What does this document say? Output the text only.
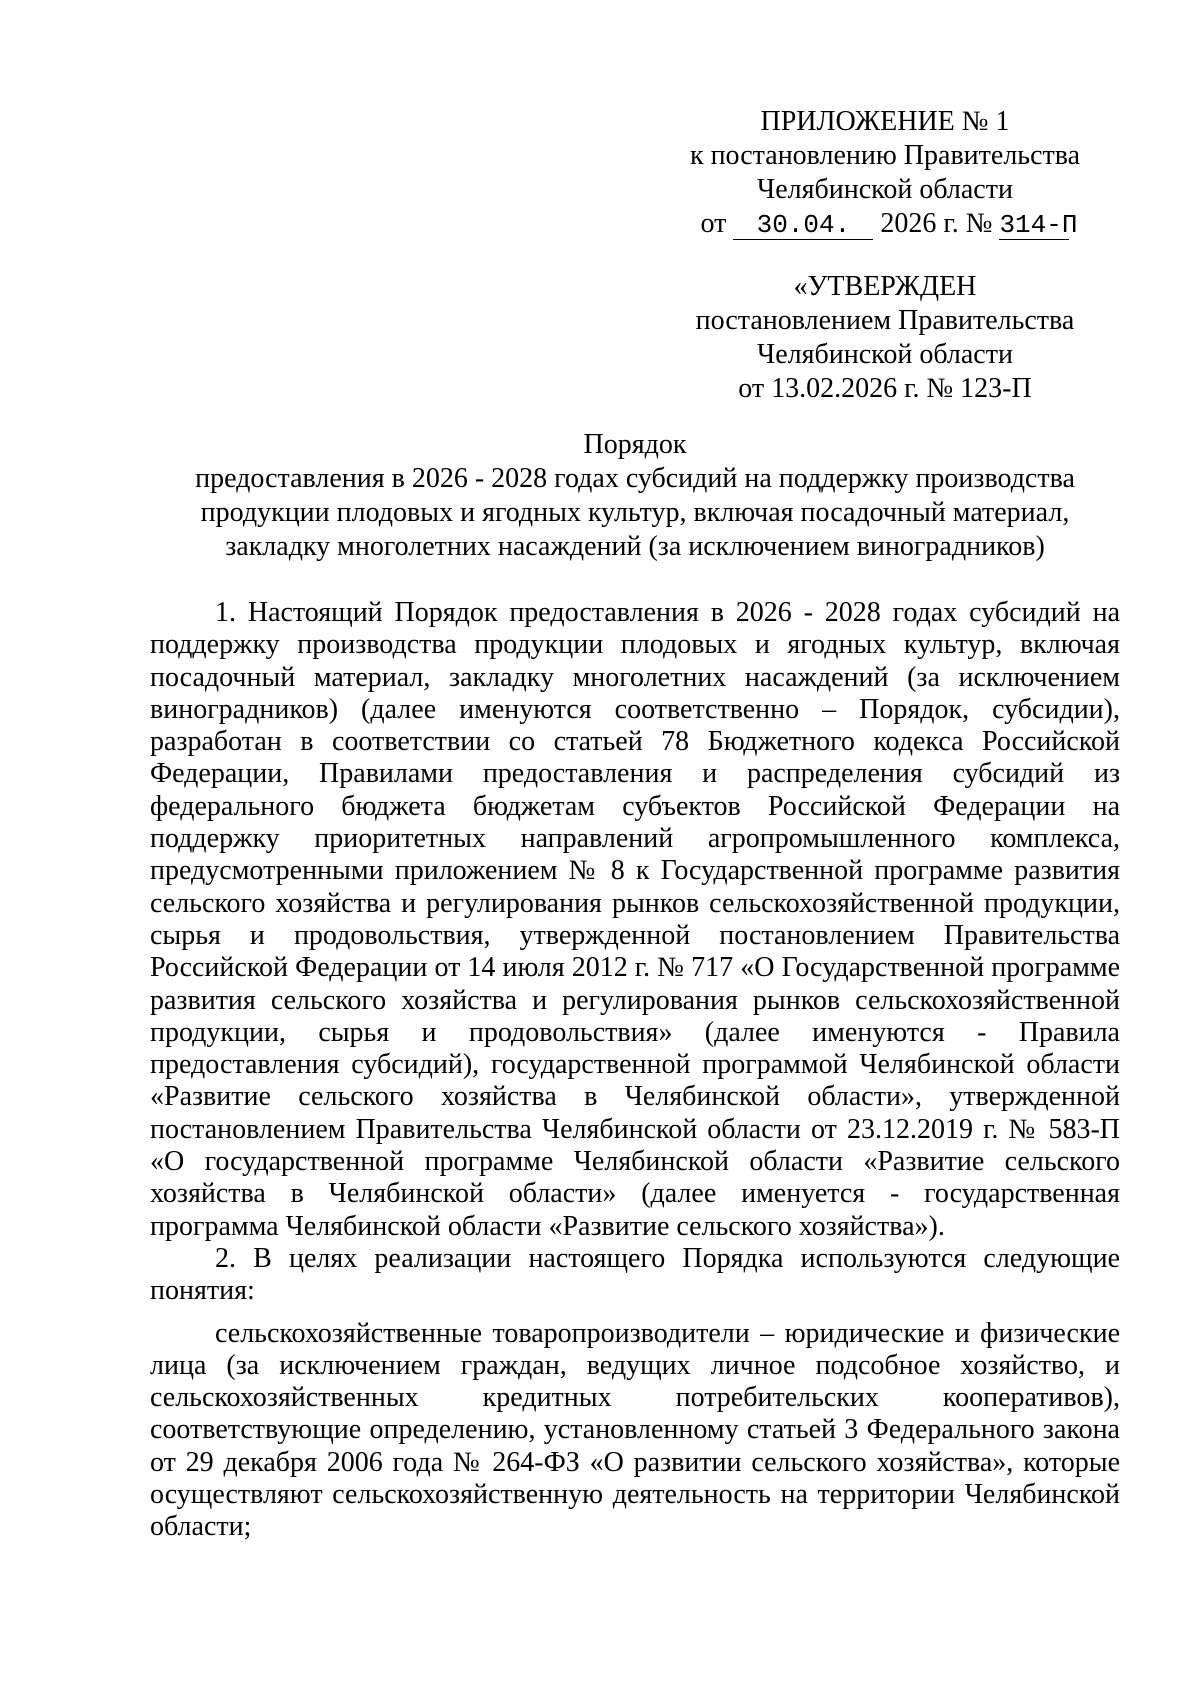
ПРИЛОЖЕНИЕ № 1
к постановлению Правительства
Челябинской области
от 30.04. 2026 г. № 314-П
«УТВЕРЖДЕН
постановлением Правительства
Челябинской области
от 13.02.2026 г. № 123-П
Порядок
предоставления в 2026 - 2028 годах субсидий на поддержку производства
продукции плодовых и ягодных культур, включая посадочный материал,
закладку многолетних насаждений (за исключением виноградников)

1. Настоящий Порядок предоставления в 2026 - 2028 годах субсидий на поддержку производства продукции плодовых и ягодных культур, включая посадочный материал, закладку многолетних насаждений (за исключением виноградников) (далее именуются соответственно – Порядок, субсидии), разработан в соответствии со статьей 78 Бюджетного кодекса Российской Федерации, Правилами предоставления и распределения субсидий из федерального бюджета бюджетам субъектов Российской Федерации на поддержку приоритетных направлений агропромышленного комплекса, предусмотренными приложением № 8 к Государственной программе развития сельского хозяйства и регулирования рынков сельскохозяйственной продукции, сырья и продовольствия, утвержденной постановлением Правительства Российской Федерации от 14 июля 2012 г. № 717 «О Государственной программе развития сельского хозяйства и регулирования рынков сельскохозяйственной продукции, сырья и продовольствия» (далее именуются - Правила предоставления субсидий), государственной программой Челябинской области «Развитие сельского хозяйства в Челябинской области», утвержденной постановлением Правительства Челябинской области от 23.12.2019 г. № 583-П «О государственной программе Челябинской области «Развитие сельского хозяйства в Челябинской области» (далее именуется - государственная программа Челябинской области «Развитие сельского хозяйства»).

2. В целях реализации настоящего Порядка используются следующие понятия:

сельскохозяйственные товаропроизводители – юридические и физические лица (за исключением граждан, ведущих личное подсобное хозяйство, и сельскохозяйственных кредитных потребительских кооперативов), соответствующие определению, установленному статьей 3 Федерального закона от 29 декабря 2006 года № 264-ФЗ «О развитии сельского хозяйства», которые осуществляют сельскохозяйственную деятельность на территории Челябинской области;
